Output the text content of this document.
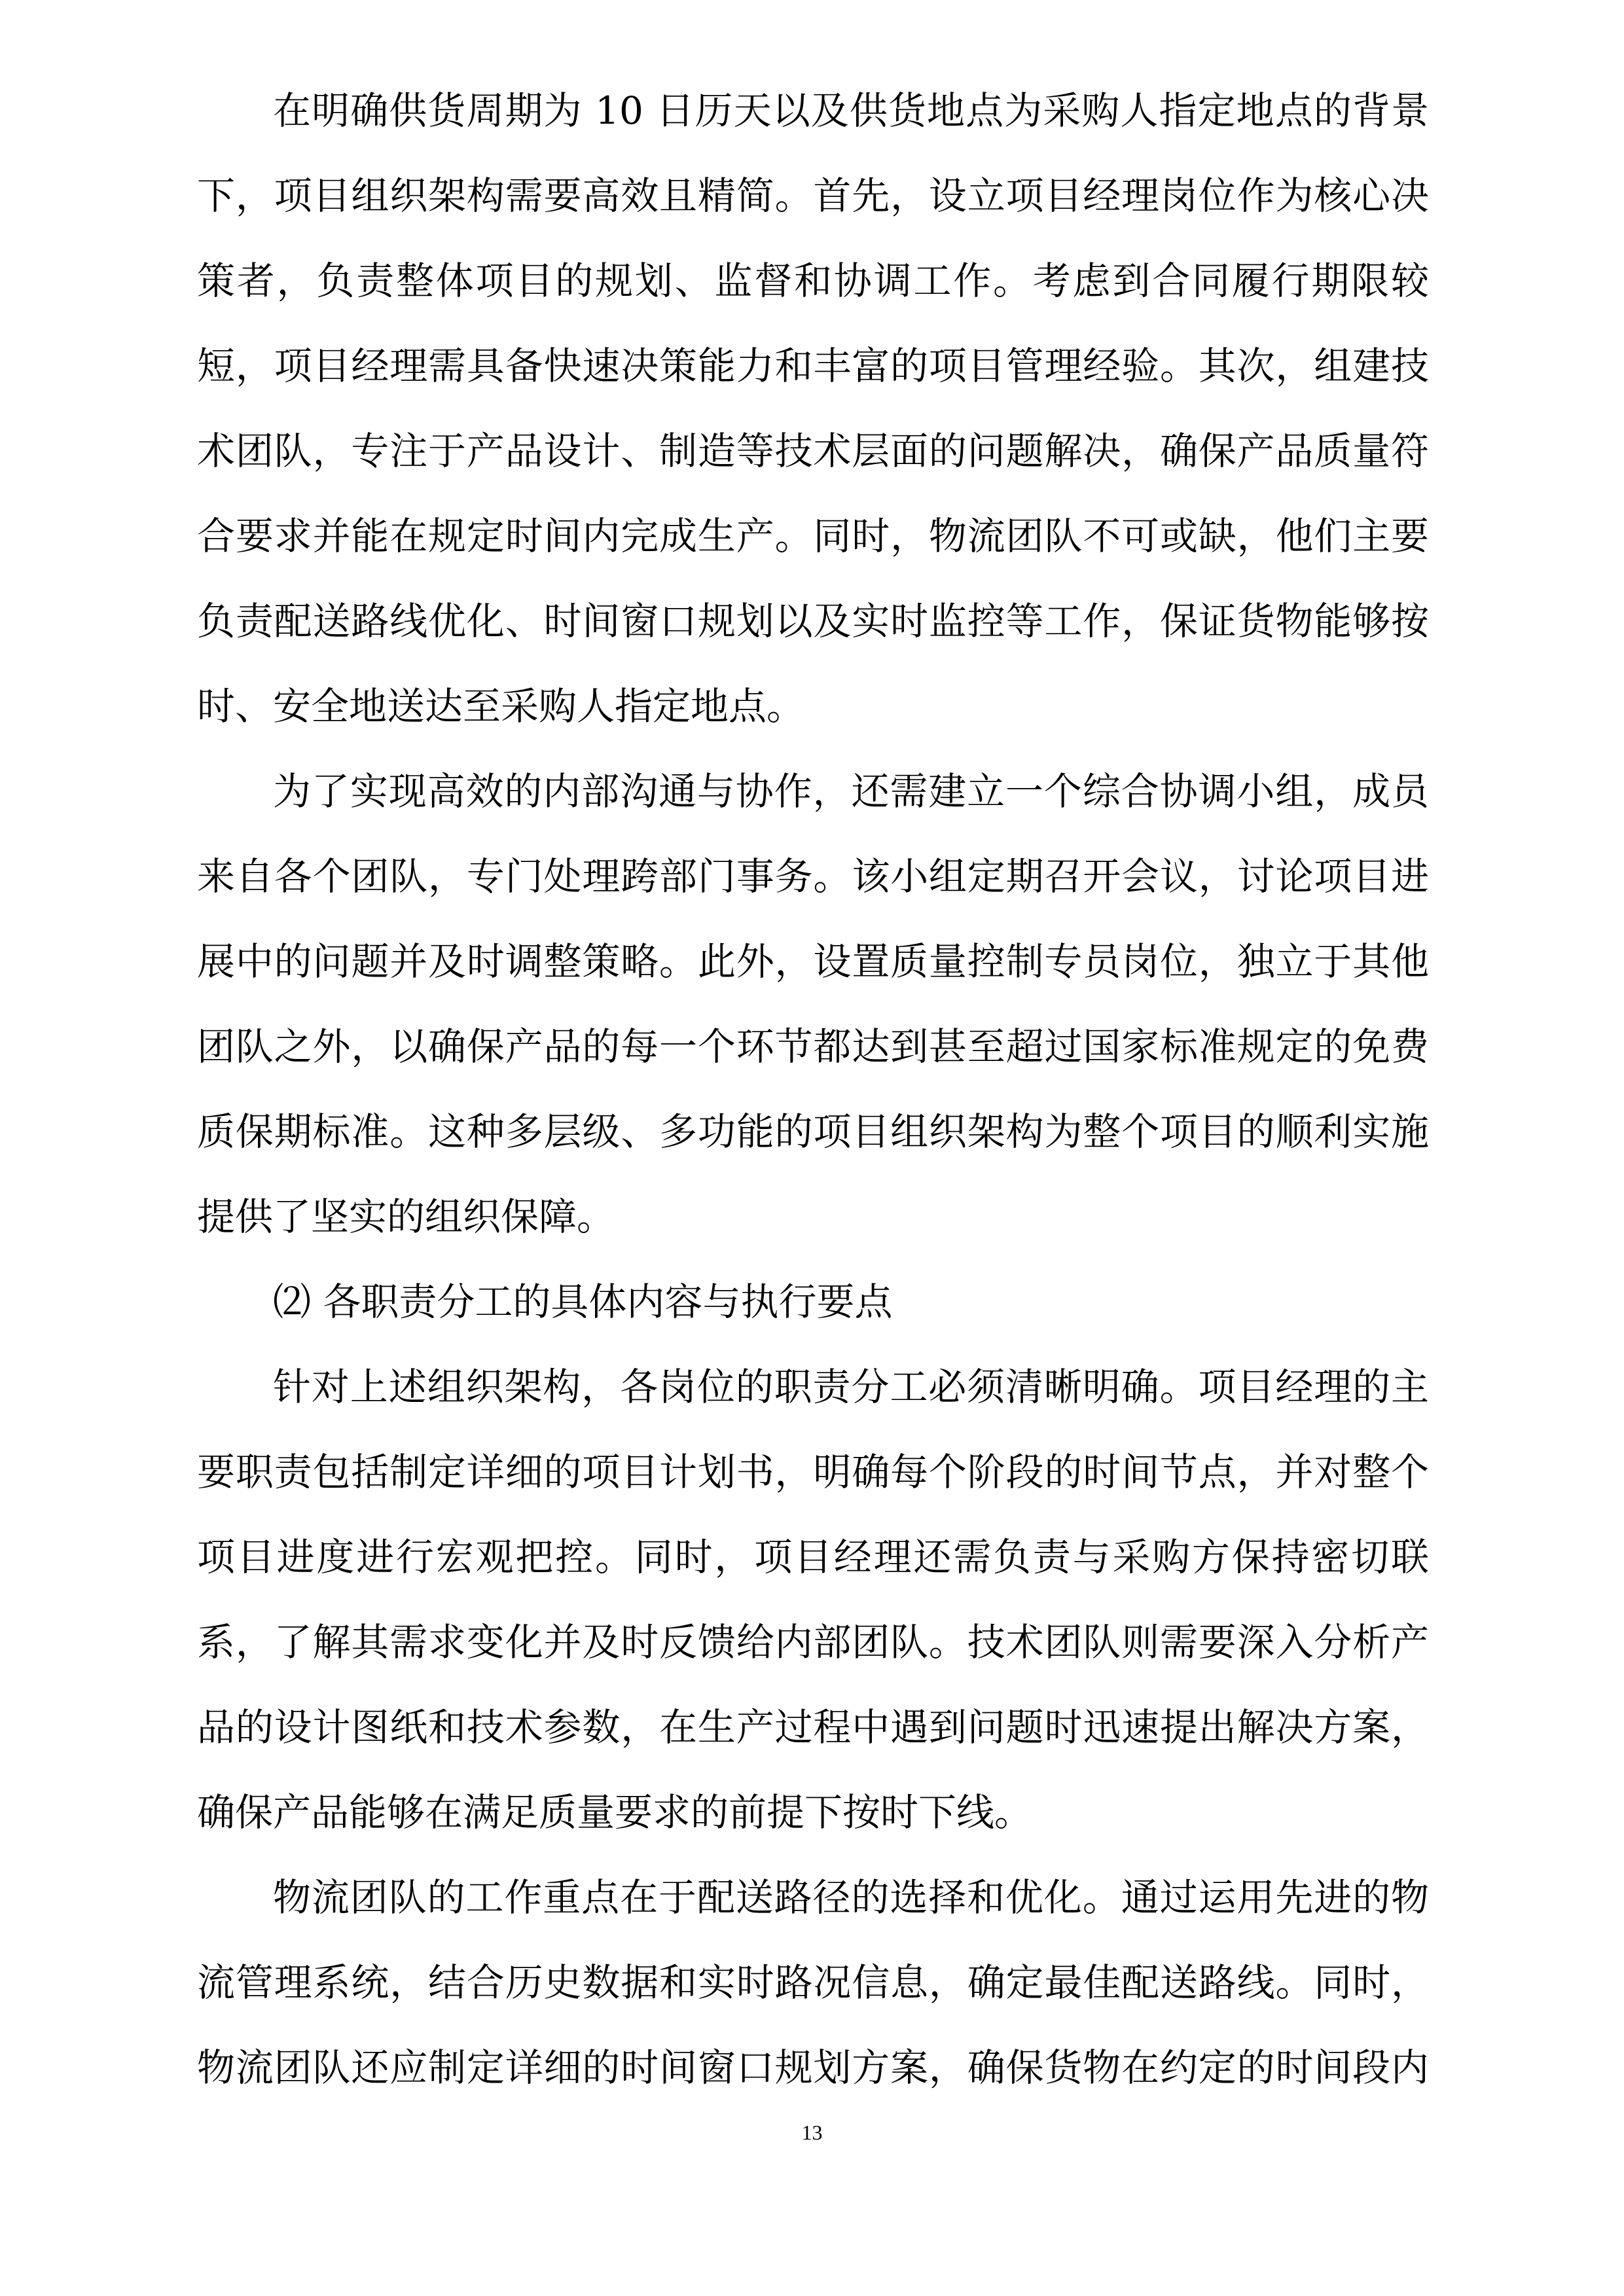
在明确供货周期为 10 日历天以及供货地点为采购人指定地点的背景
下，项目组织架构需要高效且精简。首先，设立项目经理岗位作为核心决
策者，负责整体项目的规划、监督和协调工作。考虑到合同履行期限较
短，项目经理需具备快速决策能力和丰富的项目管理经验。其次，组建技
术团队，专注于产品设计、制造等技术层面的问题解决，确保产品质量符
合要求并能在规定时间内完成生产。同时，物流团队不可或缺，他们主要
负责配送路线优化、时间窗口规划以及实时监控等工作，保证货物能够按
时、安全地送达至采购人指定地点。
为了实现高效的内部沟通与协作，还需建立一个综合协调小组，成员
来自各个团队，专门处理跨部门事务。该小组定期召开会议，讨论项目进
展中的问题并及时调整策略。此外，设置质量控制专员岗位，独立于其他
团队之外，以确保产品的每一个环节都达到甚至超过国家标准规定的免费
质保期标准。这种多层级、多功能的项目组织架构为整个项目的顺利实施
提供了坚实的组织保障。
⑵ 各职责分工的具体内容与执行要点
针对上述组织架构，各岗位的职责分工必须清晰明确。项目经理的主
要职责包括制定详细的项目计划书，明确每个阶段的时间节点，并对整个
项目进度进行宏观把控。同时，项目经理还需负责与采购方保持密切联
系，了解其需求变化并及时反馈给内部团队。技术团队则需要深入分析产
品的设计图纸和技术参数，在生产过程中遇到问题时迅速提出解决方案，
确保产品能够在满足质量要求的前提下按时下线。
物流团队的工作重点在于配送路径的选择和优化。通过运用先进的物
流管理系统，结合历史数据和实时路况信息，确定最佳配送路线。同时，
物流团队还应制定详细的时间窗口规划方案，确保货物在约定的时间段内
13
